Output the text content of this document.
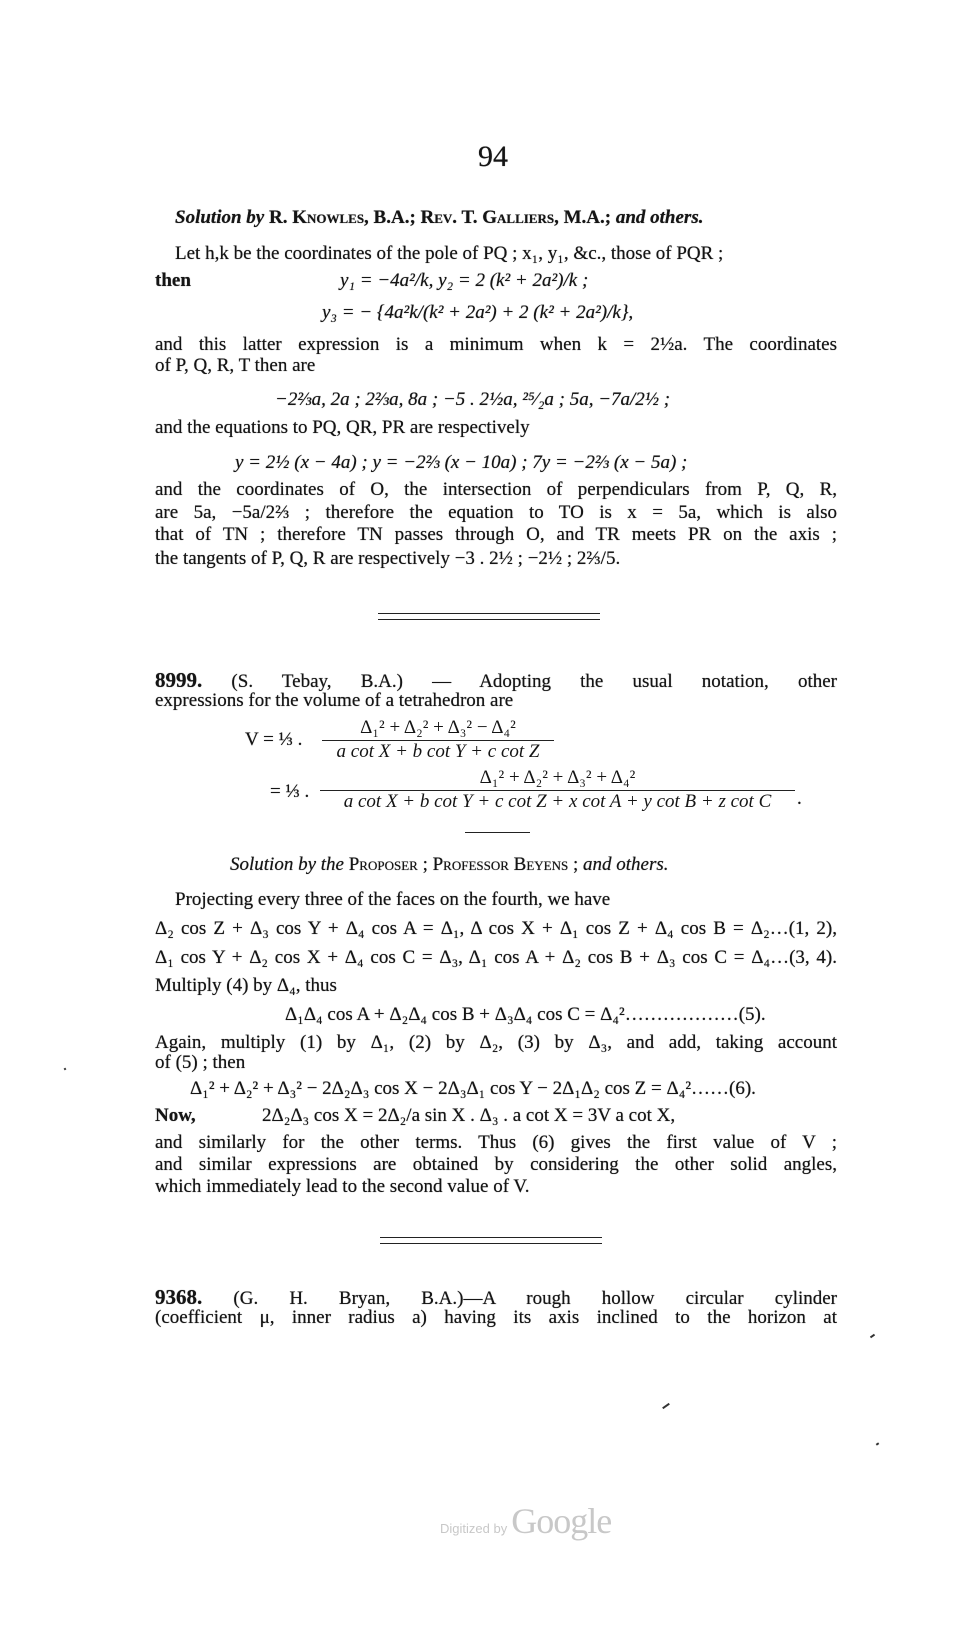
94
Solution by R. Knowles, B.A.; Rev. T. Galliers, M.A.; and others.
Let h,k be the coordinates of the pole of PQ ; x₁, y₁, &c., those of PQR ;
then	y₁ = −4a²/k, y₂ = 2 (k² + 2a²)/k ;
y₃ = − {4a²k/(k² + 2a²) + 2 (k² + 2a²)/k},
and this latter expression is a minimum when k = 2½a. The coordinates
of P, Q, R, T then are
−2⅔a, 2a ; 2⅔a, 8a ; −5 . 2½a, ²⁵⁄₂a ; 5a, −7a/2½ ;
and the equations to PQ, QR, PR are respectively
y = 2½ (x − 4a) ; y = −2⅔ (x − 10a) ; 7y = −2⅔ (x − 5a) ;
and the coordinates of O, the intersection of perpendiculars from P, Q, R,
are 5a, −5a/2⅔ ; therefore the equation to TO is x = 5a, which is also
that of TN ; therefore TN passes through O, and TR meets PR on the axis ;
the tangents of P, Q, R are respectively −3 . 2½ ; −2½ ; 2⅔/5.
8999. (S. Tebay, B.A.) — Adopting the usual notation, other
expressions for the volume of a tetrahedron are
V = ⅓ . $\frac{\text{Δ₁² + Δ₂² + Δ₃² − Δ₄²}}{\text{a cot X + b cot Y + c cot Z}}$
= ⅓ . $\frac{\text{Δ₁² + Δ₂² + Δ₃² + Δ₄²}}{\text{a cot X + b cot Y + c cot Z + x cot A + y cot B + z cot C}}$ .
Solution by the Proposer ; Professor Beyens ; and others.
Projecting every three of the faces on the fourth, we have
Δ₂ cos Z + Δ₃ cos Y + Δ₄ cos A = Δ₁, Δ cos X + Δ₁ cos Z + Δ₄ cos B = Δ₂…(1, 2),
Δ₁ cos Y + Δ₂ cos X + Δ₄ cos C = Δ₃, Δ₁ cos A + Δ₂ cos B + Δ₃ cos C = Δ₄…(3, 4).
Multiply (4) by Δ₄, thus
Δ₁Δ₄ cos A + Δ₂Δ₄ cos B + Δ₃Δ₄ cos C = Δ₄²………………(5).
Again, multiply (1) by Δ₁, (2) by Δ₂, (3) by Δ₃, and add, taking account
of (5) ; then
Δ₁² + Δ₂² + Δ₃² − 2Δ₂Δ₃ cos X − 2Δ₃Δ₁ cos Y − 2Δ₁Δ₂ cos Z = Δ₄²……(6).
Now,	2Δ₂Δ₃ cos X = 2Δ₂/a sin X . Δ₃ . a cot X = 3V a cot X,
and similarly for the other terms. Thus (6) gives the first value of V ;
and similar expressions are obtained by considering the other solid angles,
which immediately lead to the second value of V.
9368. (G. H. Bryan, B.A.)—A rough hollow circular cylinder
(coefficient μ, inner radius a) having its axis inclined to the horizon at
Digitized by Google
